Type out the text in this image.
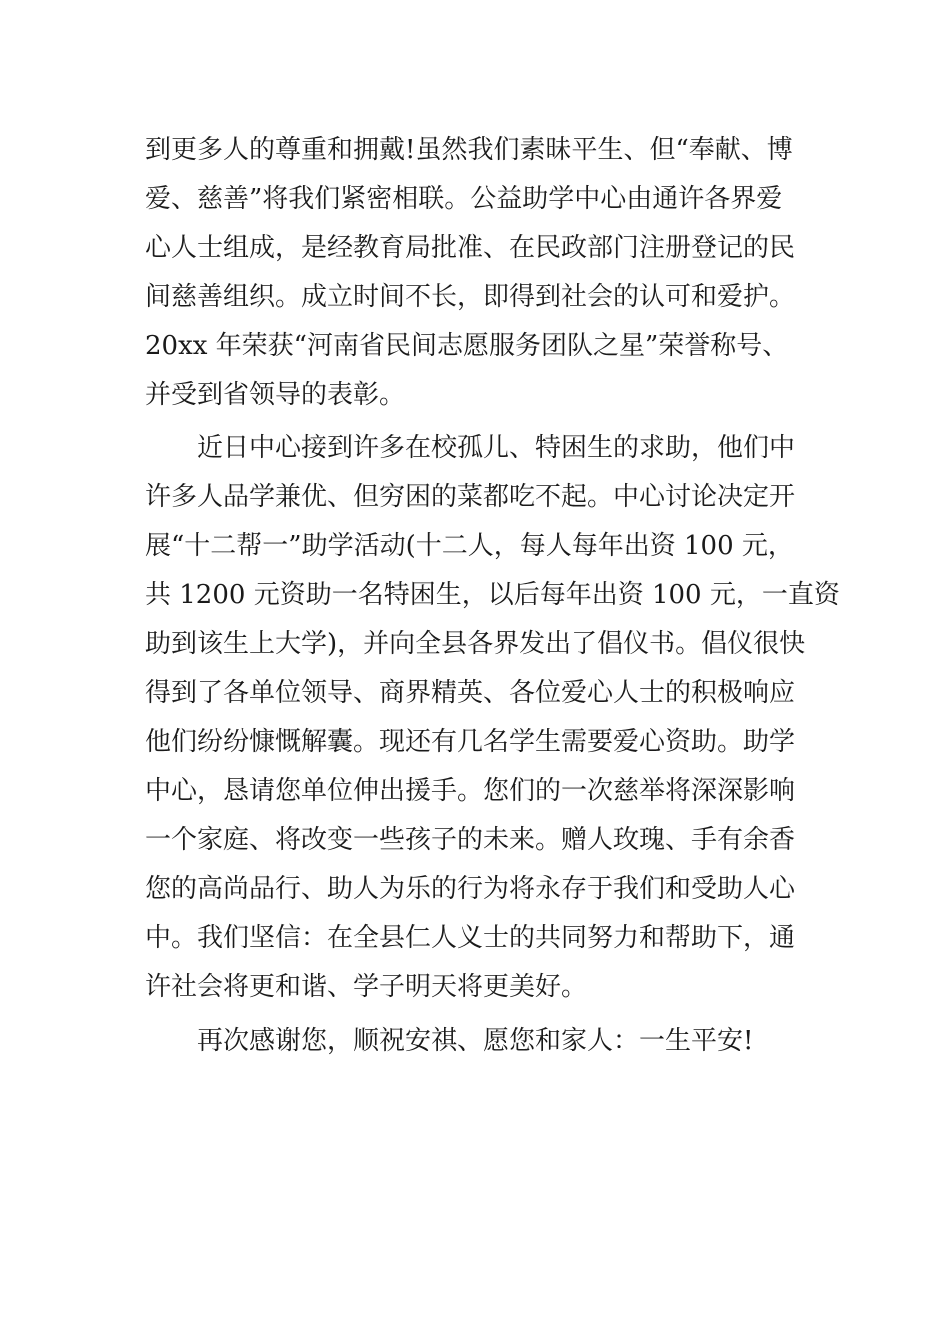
到更多人的尊重和拥戴!虽然我们素昧平生、但“奉献、博
爱、慈善”将我们紧密相联。公益助学中心由通许各界爱
心人士组成，是经教育局批准、在民政部门注册登记的民
间慈善组织。成立时间不长，即得到社会的认可和爱护。
20xx 年荣获“河南省民间志愿服务团队之星”荣誉称号、
并受到省领导的表彰。
近日中心接到许多在校孤儿、特困生的求助，他们中
许多人品学兼优、但穷困的菜都吃不起。中心讨论决定开
展“十二帮一”助学活动(十二人，每人每年出资 100 元，
共 1200 元资助一名特困生，以后每年出资 100 元，一直资
助到该生上大学)，并向全县各界发出了倡仪书。倡仪很快
得到了各单位领导、商界精英、各位爱心人士的积极响应
他们纷纷慷慨解囊。现还有几名学生需要爱心资助。助学
中心，恳请您单位伸出援手。您们的一次慈举将深深影响
一个家庭、将改变一些孩子的未来。赠人玫瑰、手有余香
您的高尚品行、助人为乐的行为将永存于我们和受助人心
中。我们坚信：在全县仁人义士的共同努力和帮助下，通
许社会将更和谐、学子明天将更美好。
再次感谢您，顺祝安祺、愿您和家人：一生平安!
